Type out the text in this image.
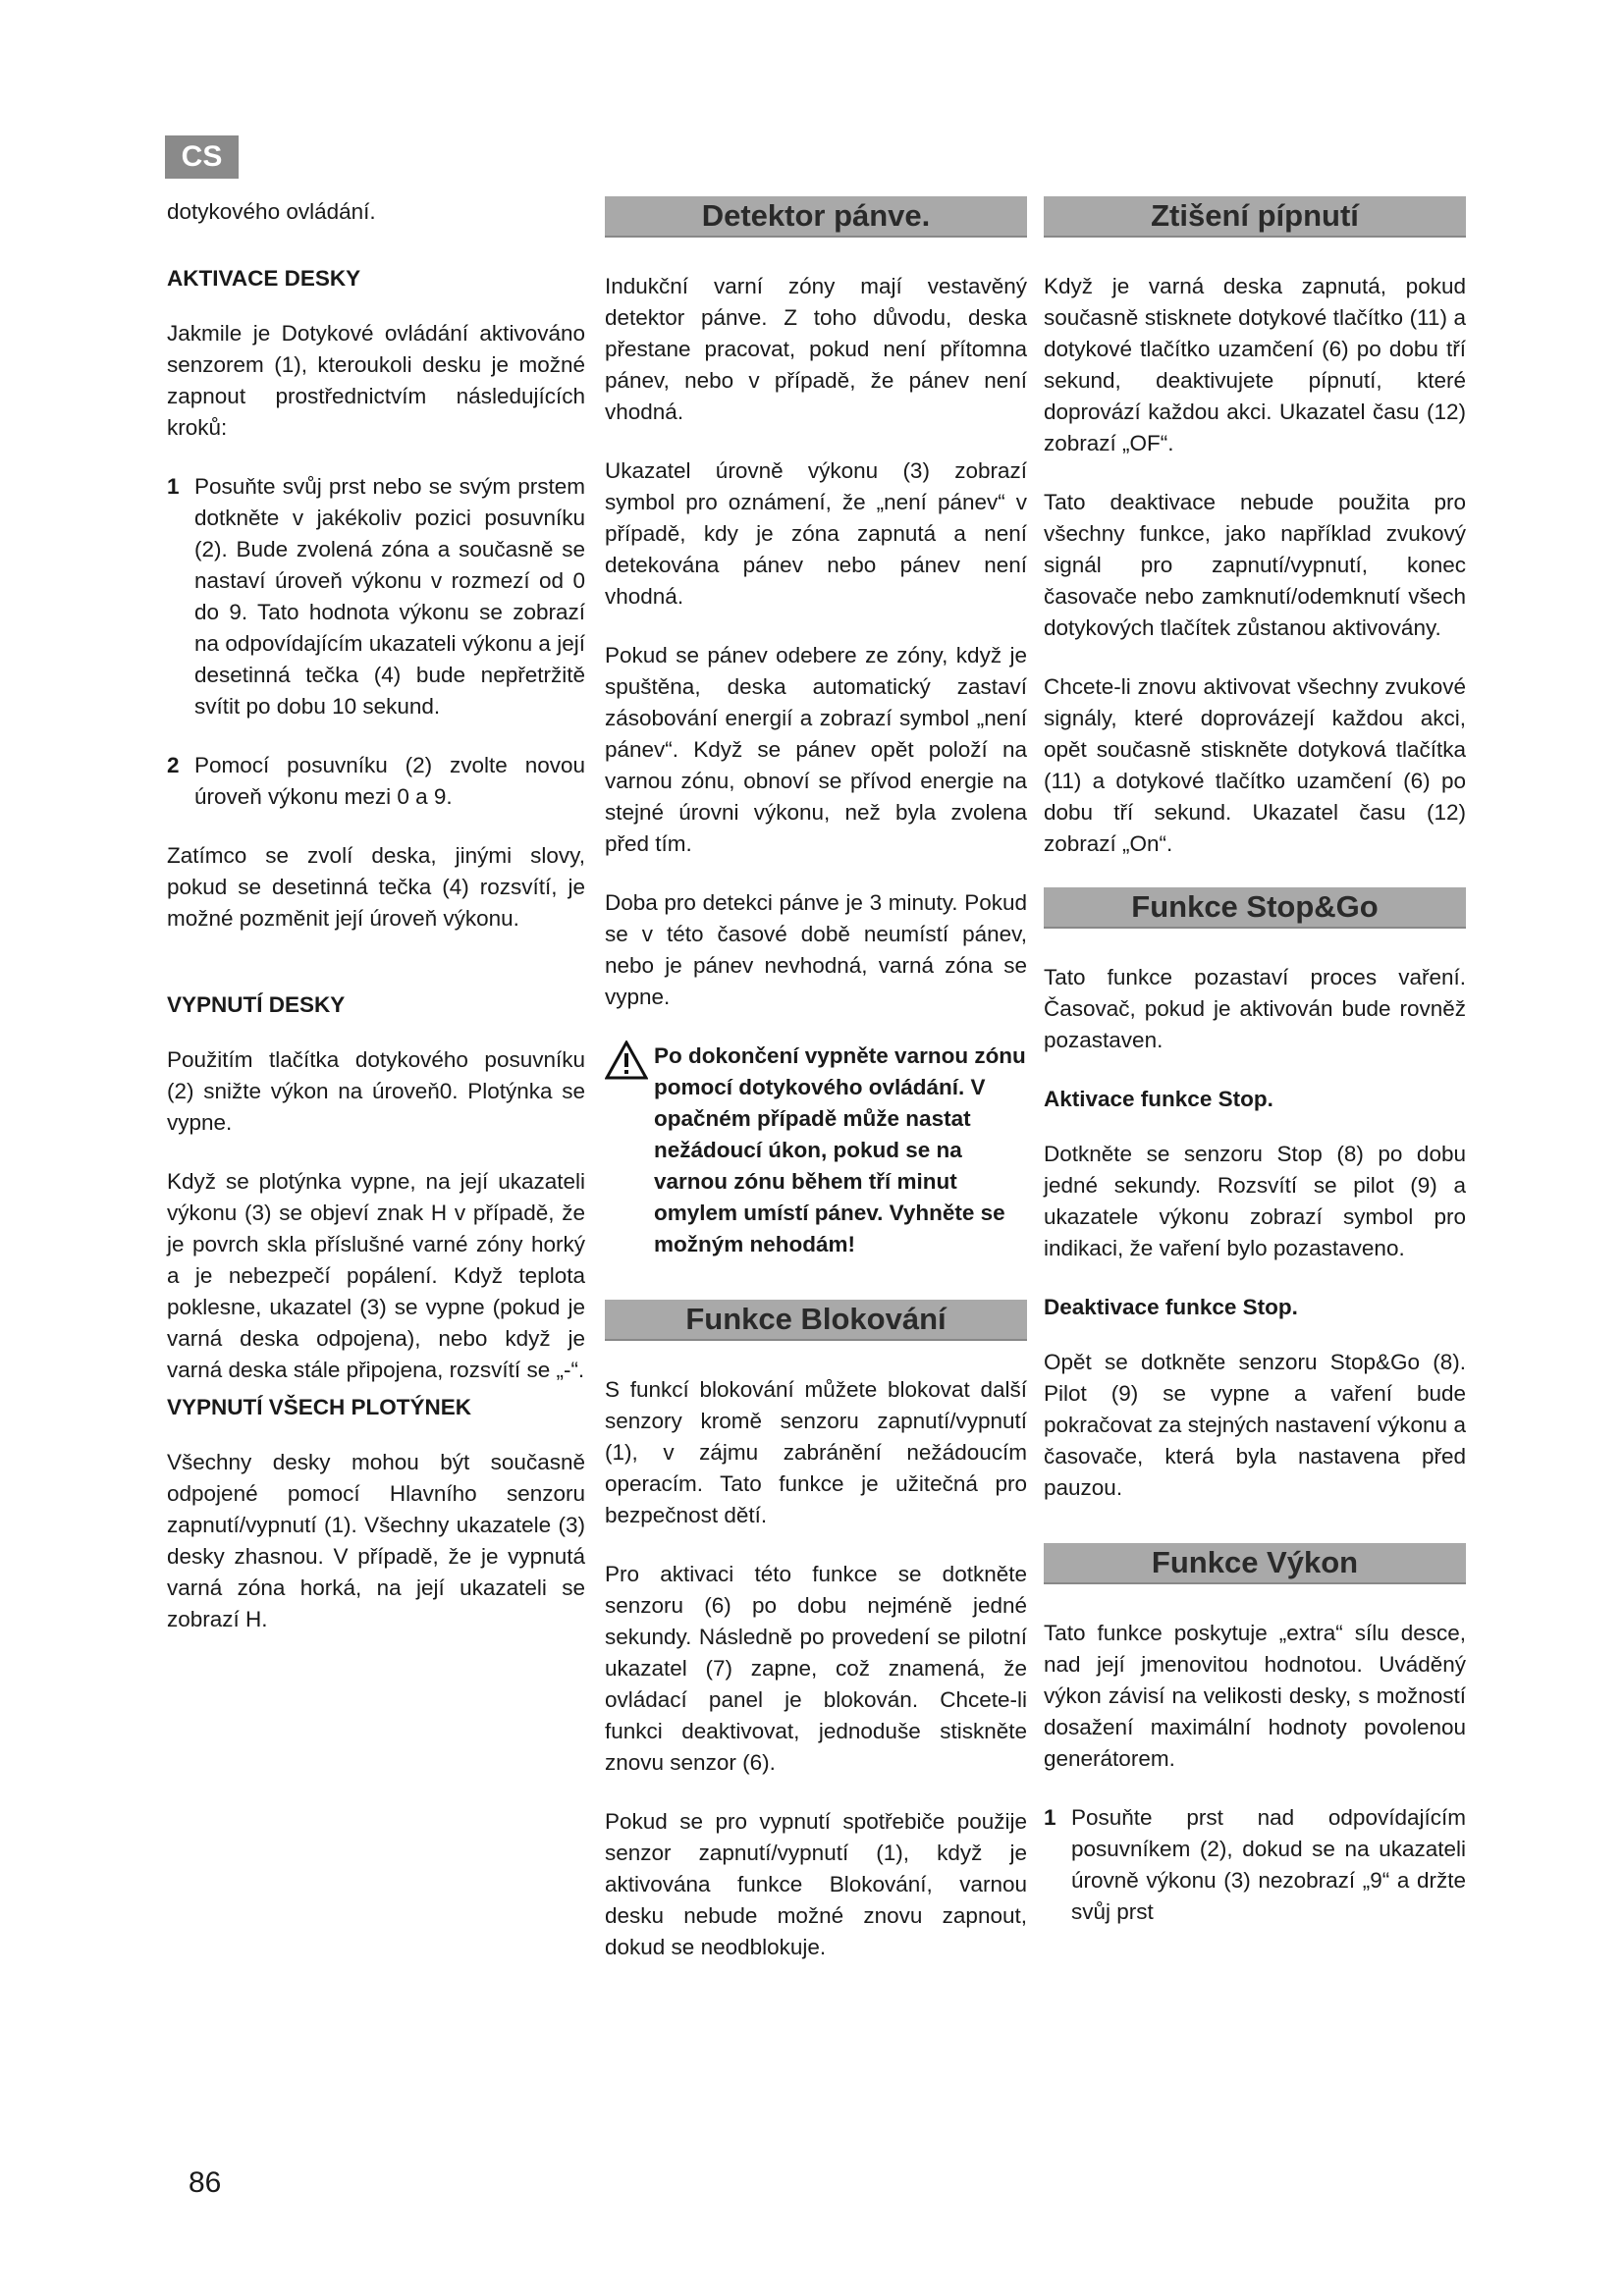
CS

dotykového ovládání.

AKTIVACE DESKY

Jakmile je Dotykové ovládání aktivováno senzorem (1), kteroukoli desku je možné zapnout prostřednictvím následujících kroků:

1 Posuňte svůj prst nebo se svým prstem dotkněte v jakékoliv pozici posuvníku (2). Bude zvolená zóna a současně se nastaví úroveň výkonu v rozmezí od 0 do 9. Tato hodnota výkonu se zobrazí na odpovídajícím ukazateli výkonu a její desetinná tečka (4) bude nepřetržitě svítit po dobu 10 sekund.
2 Pomocí posuvníku (2) zvolte novou úroveň výkonu mezi 0 a 9.

Zatímco se zvolí deska, jinými slovy, pokud se desetinná tečka (4) rozsvítí, je možné pozměnit její úroveň výkonu.

VYPNUTÍ DESKY

Použitím tlačítka dotykového posuvníku (2) snižte výkon na úroveň0. Plotýnka se vypne.

Když se plotýnka vypne, na její ukazateli výkonu (3) se objeví znak H v případě, že je povrch skla příslušné varné zóny horký a je nebezpečí popálení. Když teplota poklesne, ukazatel (3) se vypne (pokud je varná deska odpojena), nebo když je varná deska stále připojena, rozsvítí se „-“.

VYPNUTÍ VŠECH PLOTÝNEK

Všechny desky mohou být současně odpojené pomocí Hlavního senzoru zapnutí/vypnutí (1). Všechny ukazatele (3) desky zhasnou. V případě, že je vypnutá varná zóna horká, na její ukazateli se zobrazí H.

Detektor pánve.

Indukční varní zóny mají vestavěný detektor pánve. Z toho důvodu, deska přestane pracovat, pokud není přítomna pánev, nebo v případě, že pánev není vhodná.

Ukazatel úrovně výkonu (3) zobrazí symbol pro oznámení, že „není pánev“ v případě, kdy je zóna zapnutá a není detekována pánev nebo pánev není vhodná.

Pokud se pánev odebere ze zóny, když je spuštěna, deska automatický zastaví zásobování energií a zobrazí symbol „není pánev“. Když se pánev opět položí na varnou zónu, obnoví se přívod energie na stejné úrovni výkonu, než byla zvolena před tím.

Doba pro detekci pánve je 3 minuty. Pokud se v této časové době neumístí pánev, nebo je pánev nevhodná, varná zóna se vypne.

Po dokončení vypněte varnou zónu pomocí dotykového ovládání. V opačném případě může nastat nežádoucí úkon, pokud se na varnou zónu během tří minut omylem umístí pánev. Vyhněte se možným nehodám!
Funkce Blokování

S funkcí blokování můžete blokovat další senzory kromě senzoru zapnutí/vypnutí (1), v zájmu zabránění nežádoucím operacím. Tato funkce je užitečná pro bezpečnost dětí.

Pro aktivaci této funkce se dotkněte senzoru (6) po dobu nejméně jedné sekundy. Následně po provedení se pilotní ukazatel (7) zapne, což znamená, že ovládací panel je blokován. Chcete-li funkci deaktivovat, jednoduše stiskněte znovu senzor (6).

Pokud se pro vypnutí spotřebiče použije senzor zapnutí/vypnutí (1), když je aktivována funkce Blokování, varnou desku nebude možné znovu zapnout, dokud se neodblokuje.

Ztišení pípnutí

Když je varná deska zapnutá, pokud současně stisknete dotykové tlačítko (11) a dotykové tlačítko uzamčení (6) po dobu tří sekund, deaktivujete pípnutí, které doprovází každou akci. Ukazatel času (12) zobrazí „OF“.

Tato deaktivace nebude použita pro všechny funkce, jako například zvukový signál pro zapnutí/vypnutí, konec časovače nebo zamknutí/odemknutí všech dotykových tlačítek zůstanou aktivovány.

Chcete-li znovu aktivovat všechny zvukové signály, které doprovázejí každou akci, opět současně stiskněte dotyková tlačítka (11) a dotykové tlačítko uzamčení (6) po dobu tří sekund. Ukazatel času (12) zobrazí „On“.

Funkce Stop&Go

Tato funkce pozastaví proces vaření. Časovač, pokud je aktivován bude rovněž pozastaven.

Aktivace funkce Stop.

Dotkněte se senzoru Stop (8) po dobu jedné sekundy. Rozsvítí se pilot (9) a ukazatele výkonu zobrazí symbol pro indikaci, že vaření bylo pozastaveno.

Deaktivace funkce Stop.

Opět se dotkněte senzoru Stop&Go (8). Pilot (9) se vypne a vaření bude pokračovat za stejných nastavení výkonu a časovače, která byla nastavena před pauzou.

Funkce Výkon

Tato funkce poskytuje „extra“ sílu desce, nad její jmenovitou hodnotou. Uváděný výkon závisí na velikosti desky, s možností dosažení maximální hodnoty povolenou generátorem.

1 Posuňte prst nad odpovídajícím posuvníkem (2), dokud se na ukazateli úrovně výkonu (3) nezobrazí „9“ a držte svůj prst
86
